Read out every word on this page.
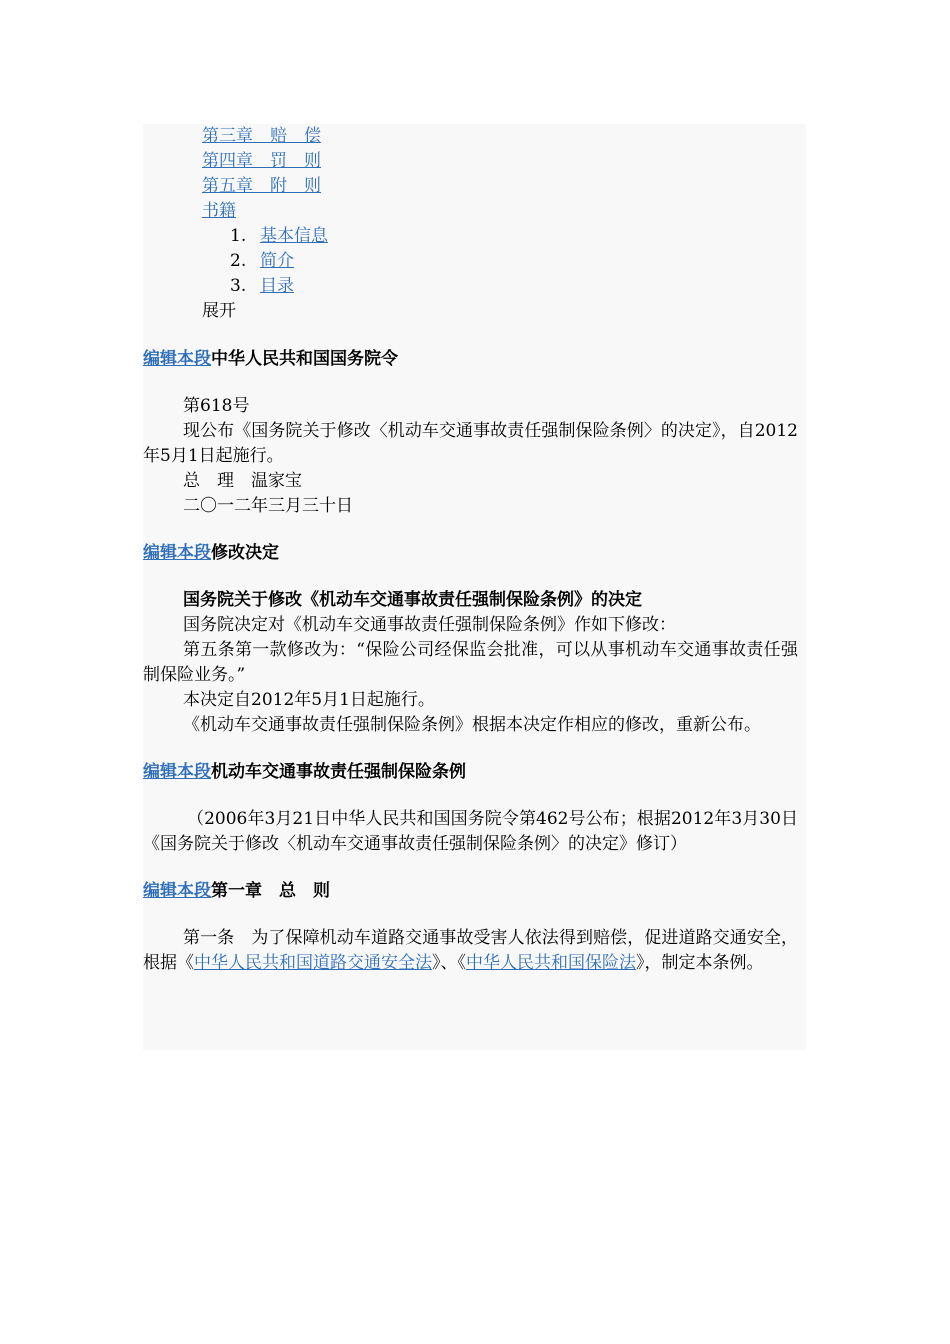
第三章　赔　偿
第四章　罚　则
第五章　附　则
书籍
1. 基本信息
2. 简介
3. 目录
展开
编辑本段中华人民共和国国务院令

第618号

现公布《国务院关于修改〈机动车交通事故责任强制保险条例〉的决定》，自2012年5月1日起施行。

总　理　温家宝

二〇一二年三月三十日

编辑本段修改决定

国务院关于修改《机动车交通事故责任强制保险条例》的决定

国务院决定对《机动车交通事故责任强制保险条例》作如下修改：

第五条第一款修改为：“保险公司经保监会批准，可以从事机动车交通事故责任强制保险业务。”

本决定自2012年5月1日起施行。

《机动车交通事故责任强制保险条例》根据本决定作相应的修改，重新公布。

编辑本段机动车交通事故责任强制保险条例

（2006年3月21日中华人民共和国国务院令第462号公布；根据2012年3月30日《国务院关于修改〈机动车交通事故责任强制保险条例〉的决定》修订）

编辑本段第一章　总　则

第一条　为了保障机动车道路交通事故受害人依法得到赔偿，促进道路交通安全，根据《中华人民共和国道路交通安全法》、《中华人民共和国保险法》，制定本条例。
